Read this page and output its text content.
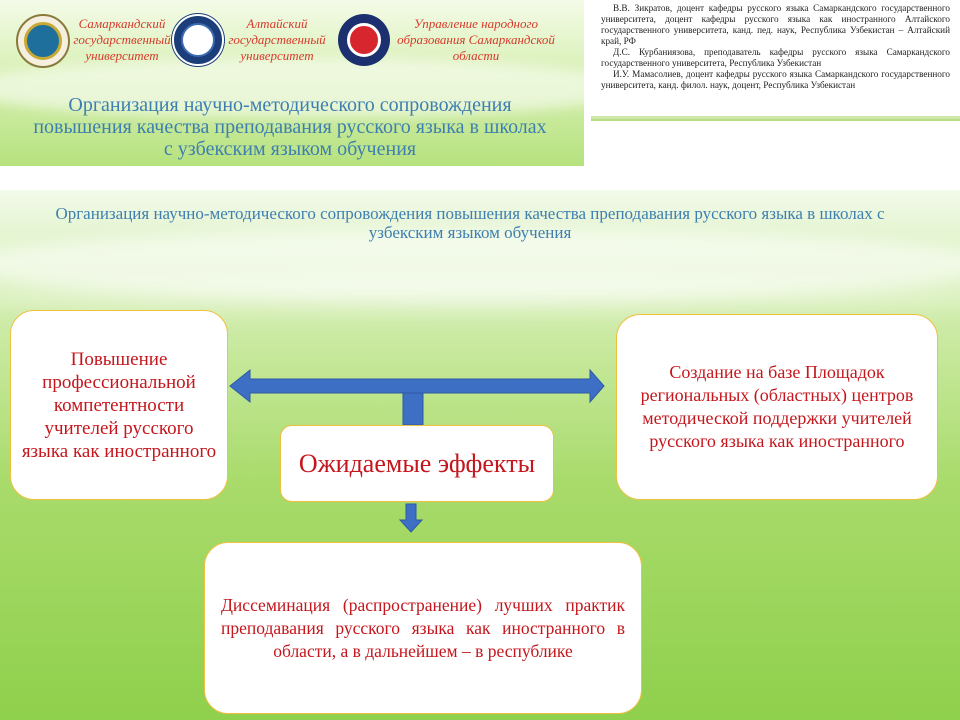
Самаркандский государственный университет
Алтайский государственный университет
Управление народного образования Самаркандской области
Организация научно-методического сопровождения повышения качества преподавания русского языка в школах с узбекским языком обучения

В.В. Зикратов, доцент кафедры русского языка Самаркандского государственного университета, доцент кафедры русского языка как иностранного Алтайского государственного университета, канд. пед. наук, Республика Узбекистан – Алтайский край, РФ

Д.С. Курбаниязова, преподаватель кафедры русского языка Самаркандского государственного университета, Республика Узбекистан

И.У. Мамасолиев, доцент кафедры русского языка Самаркандского государственного университета, канд. филол. наук, доцент, Республика Узбекистан

Организация научно-методического сопровождения повышения качества преподавания русского языка в школах с узбекским языком обучения
Повышение профессиональной компетентности учителей русского языка как иностранного
Создание на базе Площадок региональных (областных) центров методической поддержки учителей русского языка как иностранного
Ожидаемые эффекты
Диссеминация (распространение) лучших практик преподавания русского языка как иностранного в области, а в дальнейшем – в республике
